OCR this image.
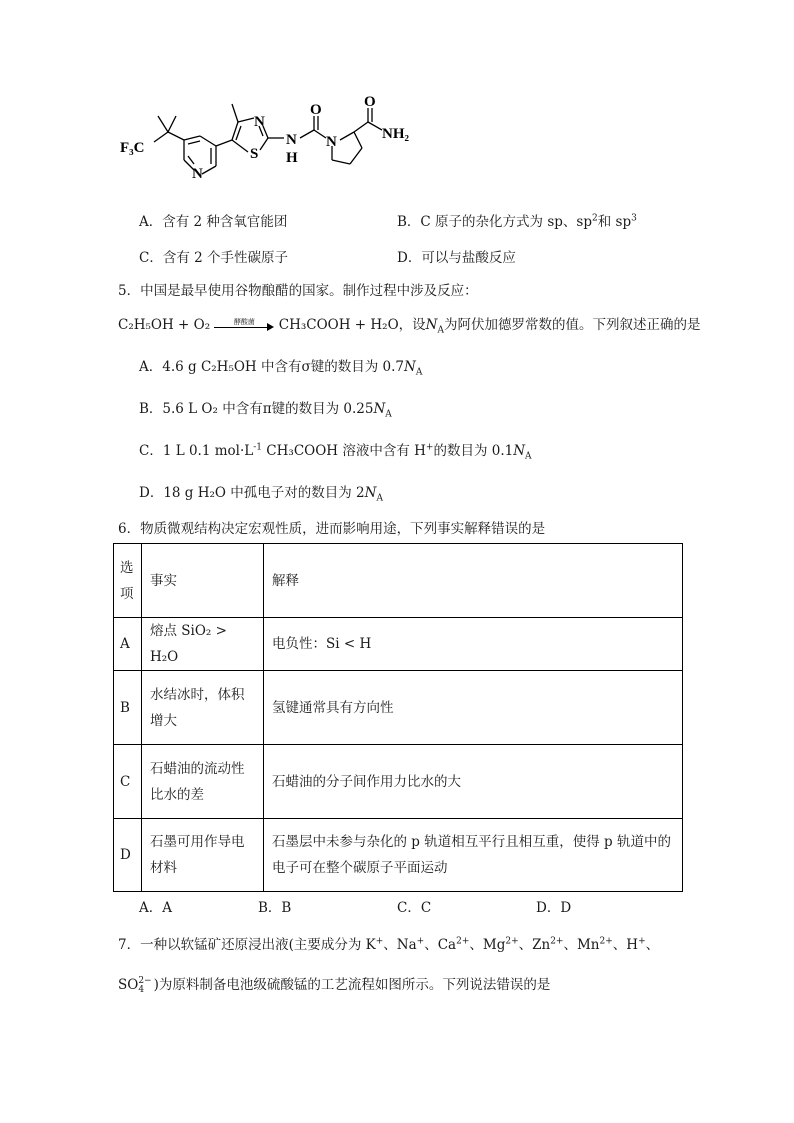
F₃C
N
N
S
N
H
O
N
O
NH₂
A．含有 2 种含氧官能团	B．C 原子的杂化方式为 sp、$sp^2$和 $sp^3$
C．含有 2 个手性碳原子	D．可以与盐酸反应
5．中国是最早使用谷物酿醋的国家。制作过程中涉及反应：
C₂H₅OH + O₂	酵酸菌	CH₃COOH + H₂O，设$N_A$为阿伏加德罗常数的值。下列叙述正确的是
A．4.6 g C₂H₅OH 中含有σ键的数目为 $0.7N_A$
B．5.6 L O₂ 中含有π键的数目为 $0.25N_A$
C．1 L 0.1 $mol\cdot L^{-1}$ CH₃COOH 溶液中含有 H+的数目为 $0.1N_A$
D．18 g H₂O 中孤电子对的数目为 $2N_A$
6．物质微观结构决定宏观性质，进而影响用途，下列事实解释错误的是
选项	事实	解释
A	熔点 SiO₂ > H₂O	电负性：Si < H
B	水结冰时，体积增大	氢键通常具有方向性
C	石蜡油的流动性比水的差	石蜡油的分子间作用力比水的大
D	石墨可用作导电材料	石墨层中未参与杂化的 p 轨道相互平行且相互重，使得 p 轨道中的电子可在整个碳原子平面运动
A．A	B．B	C．C	D．D
7．一种以软锰矿还原浸出液(主要成分为 K+、Na+、$Ca^{2+}$、$Mg^{2+}$、$Zn^{2+}$、$Mn^{2+}$、H+、
SO 2−
4 )为原料制备电池级硫酸锰的工艺流程如图所示。下列说法错误的是
